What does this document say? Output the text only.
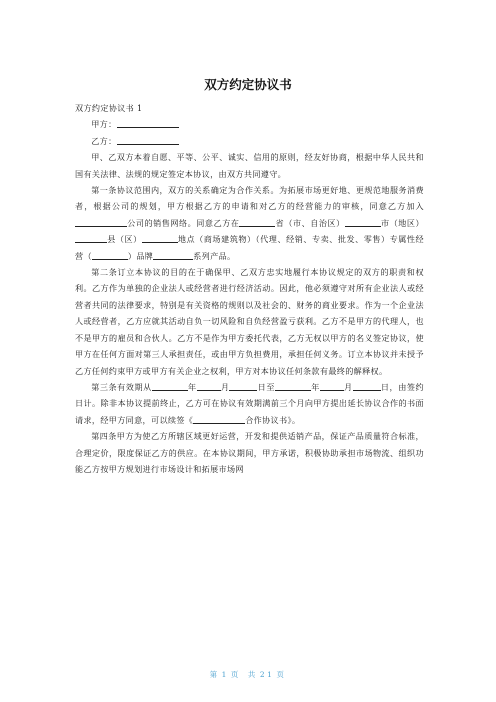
双方约定协议书

双方约定协议书 1

甲方：

乙方：

甲、乙双方本着自愿、平等、公平、诚实、信用的原则，经友好协商，根据中华人民共和国有关法律、法规的规定签定本协议，由双方共同遵守。

第一条协议范围内，双方的关系确定为合作关系。为拓展市场更好地、更规范地服务消费者，根据公司的规划，甲方根据乙方的申请和对乙方的经营能力的审核，同意乙方加入公司的销售网络。同意乙方在	省（市、自治区）	市（地区）县（区）	地点（商场建筑物）（代理、经销、专卖、批发、零售）专属性经营（	）品牌	系列产品。

第二条订立本协议的目的在于确保甲、乙双方忠实地履行本协议规定的双方的职责和权利。乙方作为单独的企业法人或经营者进行经济活动。因此，他必须遵守对所有企业法人或经营者共同的法律要求，特别是有关资格的规则以及社会的、财务的商业要求。作为一个企业法人或经营者，乙方应就其活动自负一切风险和自负经营盈亏获利。乙方不是甲方的代理人，也不是甲方的雇员和合伙人。乙方不是作为甲方委托代表，乙方无权以甲方的名义签定协议，使甲方在任何方面对第三人承担责任，或由甲方负担费用，承担任何义务。订立本协议并未授予乙方任何约束甲方或甲方有关企业之权利，甲方对本协议任何条款有最终的解释权。

第三条有效期从	年	月	日至	年	月	日，由签约日计。除非本协议提前终止，乙方可在协议有效期满前三个月向甲方提出延长协议合作的书面请求，经甲方同意，可以续签《	合作协议书》。

第四条甲方为使乙方所辖区域更好运营，开发和提供适销产品，保证产品质量符合标准，合理定价，限度保证乙方的供应。在本协议期间，甲方承诺，积极协助承担市场物流、组织功能乙方按甲方规划进行市场设计和拓展市场网

第 1 页 共 21 页
